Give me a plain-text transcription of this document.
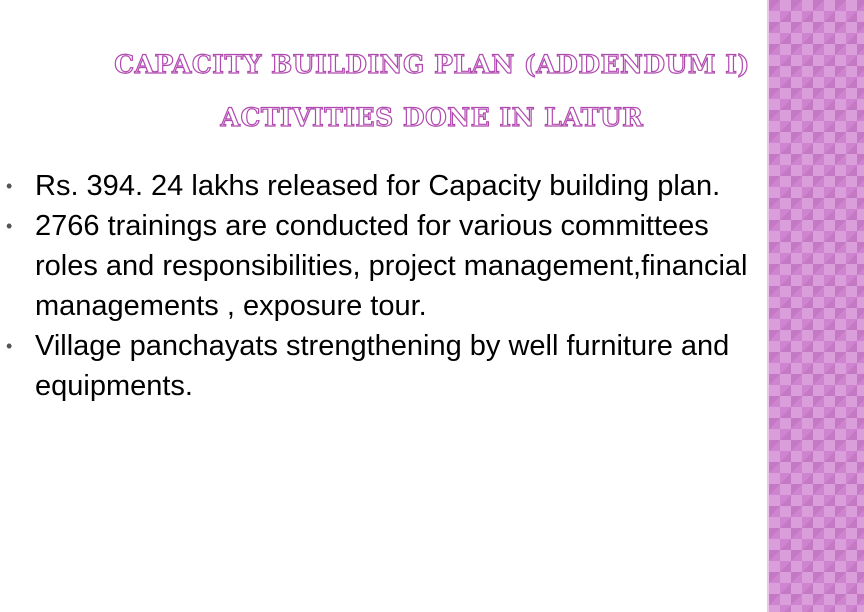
CAPACITY BUILDING PLAN (ADDENDUM I)
ACTIVITIES DONE IN LATUR
• Rs. 394. 24 lakhs released for Capacity building plan.
• 2766 trainings are conducted for various committees roles and responsibilities, project management,financial managements , exposure tour.
• Village panchayats strengthening by well furniture and equipments.
